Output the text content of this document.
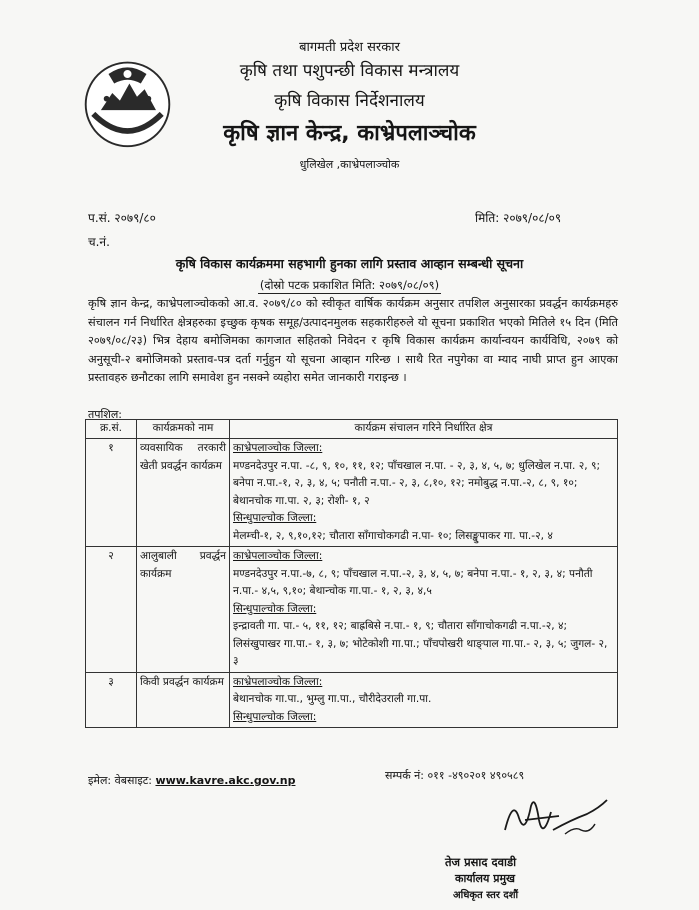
बागमती प्रदेश सरकार
कृषि तथा पशुपन्छी विकास मन्त्रालय
कृषि विकास निर्देशनालय
कृषि ज्ञान केन्द्र, काभ्रेपलाञ्चोक
धुलिखेल ,काभ्रेपलाञ्चोक
प.सं. २०७९/८०
च.नं.
मिति: २०७९/०८/०९
कृषि विकास कार्यक्रममा सहभागी हुनका लागि प्रस्ताव आव्हान सम्बन्धी सूचना
(दोस्रो पटक प्रकाशित मिति: २०७९/०८/०९)
कृषि ज्ञान केन्द्र, काभ्रेपलाञ्चोकको आ.व. २०७९/८० को स्वीकृत वार्षिक कार्यक्रम अनुसार तपशिल अनुसारका प्रवर्द्धन कार्यक्रमहरु संचालन गर्न निर्धारित क्षेत्रहरुका इच्छुक कृषक समूह/उत्पादनमुलक सहकारीहरुले यो सूचना प्रकाशित भएको मितिले १५ दिन (मिति २०७९/०८/२३) भित्र देहाय बमोजिमका कागजात सहितको निवेदन र कृषि विकास कार्यक्रम कार्यान्वयन कार्यविधि, २०७९ को अनुसूची-२ बमोजिमको प्रस्ताव-पत्र दर्ता गर्नुहुन यो सूचना आव्हान गरिन्छ । साथै रित नपुगेका वा म्याद नाघी प्राप्त हुन आएका प्रस्तावहरु छनौटका लागि समावेश हुन नसक्ने व्यहोरा समेत जानकारी गराइन्छ ।
तपशिल:
क्र.सं.	कार्यक्रमको नाम	कार्यक्रम संचालन गरिने निर्धारित क्षेत्र
१	व्यवसायिक तरकारी खेती प्रवर्द्धन कार्यक्रम	काभ्रेपलाञ्चोक जिल्ला:
मण्डनदेउपुर न.पा. -८, ९, १०, ११, १२; पाँचखाल न.पा. - २, ३, ४, ५, ७; धुलिखेल न.पा. २, ९; बनेपा न.पा.-१, २, ३, ४, ५; पनौती न.पा.- २, ३, ८,१०, १२; नमोबुद्ध न.पा.-२, ८, ९, १०; बेथानचोक गा.पा. २, ३; रोशी- १, २
सिन्धुपाल्चोक जिल्ला:
मेलम्ची-१, २, ९,१०,१२; चौतारा साँगाचोकगढी न.पा- १०; लिसङ्खुपाकर गा. पा.-२, ४

२	आलुबाली प्रवर्द्धन कार्यक्रम	काभ्रेपलाञ्चोक जिल्ला:
मण्डनदेउपुर न.पा.-७, ८, ९; पाँचखाल न.पा.-२, ३, ४, ५, ७; बनेपा न.पा.- १, २, ३, ४; पनौती न.पा.- ४,५, ९,१०; बेथान्चोक गा.पा.- १, २, ३, ४,५
सिन्धुपाल्चोक जिल्ला:
इन्द्रावती गा. पा.- ५, ११, १२; बाह्रबिसे न.पा.- १, ९; चौतारा साँगाचोकगढी न.पा.-२, ४; लिसंखुपाखर गा.पा.- १, ३, ७; भोटेकोशी गा.पा.; पाँचपोखरी थाङ्पाल गा.पा.- २, ३, ५; जुगल- २, ३

३	किवी प्रवर्द्धन कार्यक्रम	काभ्रेपलाञ्चोक जिल्ला:
बेथानचोक गा.पा., भुम्लु गा.पा., चौरीदेउराली गा.पा.
सिन्धुपाल्चोक जिल्ला:
इमेल: वेबसाइट: www.kavre.akc.gov.np	सम्पर्क नं: ०११ -४९०२०१ ४९०५८९
तेज प्रसाद दवाडी
कार्यालय प्रमुख
अधिकृत स्तर दशौं
